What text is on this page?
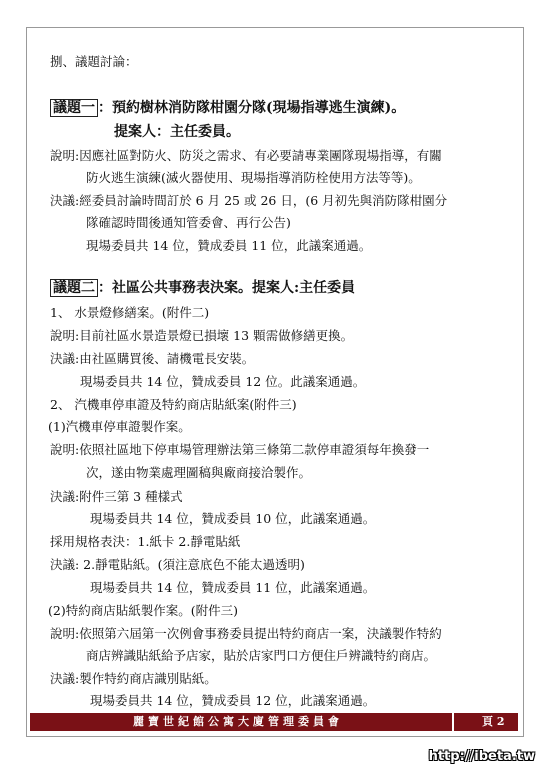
捌、議題討論：
議題一 ：預約樹林消防隊柑園分隊(現場指導逃生演練)。
提案人：主任委員。
說明:因應社區對防火、防災之需求、有必要請專業團隊現場指導，有關
防火逃生演練(滅火器使用、現場指導消防栓使用方法等等)。
決議:經委員討論時間訂於 6 月 25 或 26 日，(6 月初先與消防隊柑園分
隊確認時間後通知管委會、再行公告)
現場委員共 14 位，贊成委員 11 位，此議案通過。
議題二 ：社區公共事務表決案。提案人:主任委員
1、 水景燈修繕案。(附件二)
說明:目前社區水景造景燈已損壞 13 顆需做修繕更換。
決議:由社區購買後、請機電長安裝。
現場委員共 14 位，贊成委員 12 位。此議案通過。
2、 汽機車停車證及特約商店貼紙案(附件三)
(1)汽機車停車證製作案。
說明:依照社區地下停車場管理辦法第三條第二款停車證須每年換發一
次，遂由物業處理圖稿與廠商接洽製作。
決議:附件三第 3 種樣式
現場委員共 14 位，贊成委員 10 位，此議案通過。
採用規格表決：1.紙卡 2.靜電貼紙
決議: 2.靜電貼紙。(須注意底色不能太過透明)
現場委員共 14 位，贊成委員 11 位，此議案通過。
(2)特約商店貼紙製作案。(附件三)
說明:依照第六屆第一次例會事務委員提出特約商店一案，決議製作特約
商店辨識貼紙給予店家，貼於店家門口方便住戶辨識特約商店。
決議:製作特約商店識別貼紙。
現場委員共 14 位，贊成委員 12 位，此議案通過。
麗寶世紀館公寓大廈管理委員會	頁 2
http://ibeta.tw
